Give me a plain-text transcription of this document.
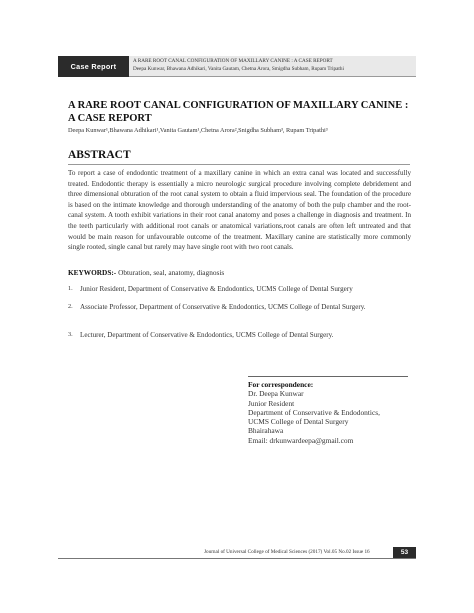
Case Report
A RARE ROOT CANAL CONFIGURATION OF MAXILLARY CANINE : A CASE REPORT
Deepa Kunwar, Bhawana Adhikari, Vanita Gautam, Chetna Arora, Smigdha Subham, Rupam Tripathi
A RARE ROOT CANAL CONFIGURATION OF MAXILLARY CANINE :
A CASE REPORT
Deepa Kunwar¹,Bhawana Adhikari¹,Vanita Gautam¹,Chetna Arora²,Snigdha Subham³, Rupam Tripathi³
ABSTRACT

To report a case of endodontic treatment of a maxillary canine in which an extra canal was located and successfully treated. Endodontic therapy is essentially a micro neurologic surgical procedure involving complete debridement and three dimensional obturation of the root canal system to obtain a fluid impervious seal. The foundation of the procedure is based on the intimate knowledge and thorough understanding of the anatomy of both the pulp chamber and the root-canal system. A tooth exhibit variations in their root canal anatomy and poses a challenge in diagnosis and treatment. In the teeth particularly with additional root canals or anatomical variations,root canals are often left untreated and that would be main reason for unfavourable outcome of the treatment. Maxillary canine are statistically more commonly single rooted, single canal but rarely may have single root with two root canals.

KEYWORDS:- Obturation, seal, anatomy, diagnosis

1.	Junior Resident, Department of Conservative & Endodontics, UCMS College of Dental Surgery
2.	Associate Professor, Department of Conservative & Endodontics, UCMS College of Dental Surgery.
3.	Lecturer, Department of Conservative & Endodontics, UCMS College of Dental Surgery.
For correspondence:
Dr. Deepa Kunwar
Junior Resident
Department of Conservative & Endodontics,
UCMS College of Dental Surgery
Bhairahawa
Email: drkunwardeepa@gmail.com
Journal of Universal College of Medical Sciences (2017) Vol.05 No.02 Issue 16	53
